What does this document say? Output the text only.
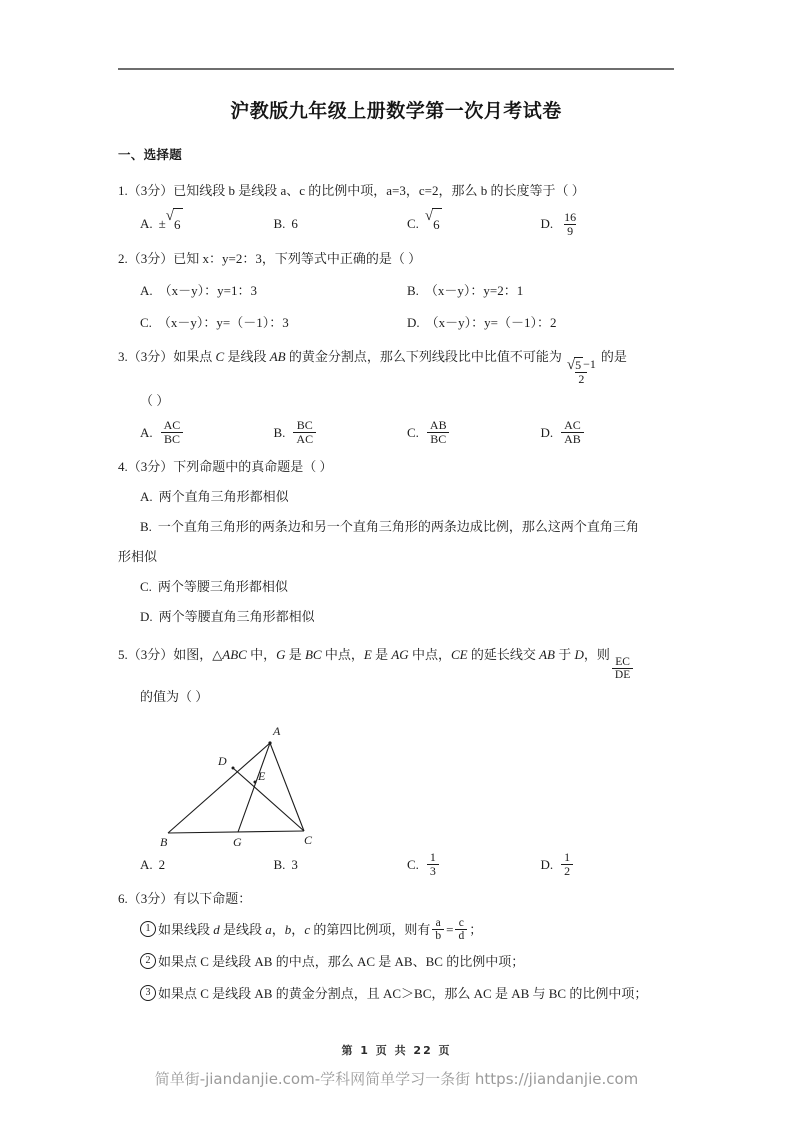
沪教版九年级上册数学第一次月考试卷
一、选择题
1.（3分）已知线段 b 是线段 a、c 的比例中项，a=3，c=2，那么 b 的长度等于（ ）
A. ± √
6	B. 6	C. √
6	D. $\frac{16}{9}$
2.（3分）已知 x：y=2：3，下列等式中正确的是（ ）
A. （x－y）：y=1：3	B. （x－y）：y=2：1
C. （x－y）：y=（－1）：3	D. （x－y）：y=（－1）：2
3.（3分）如果点 C 是线段 AB 的黄金分割点，那么下列线段比中比值不可能为
$\frac{√ 5 -1}{2}$
的是
（ ）
A. $\frac{AC}{BC}$	B. $\frac{BC}{AC}$	C. $\frac{AB}{BC}$	D. $\frac{AC}{AB}$
4.（3分）下列命题中的真命题是（ ）
A. 两个直角三角形都相似
B. 一个直角三角形的两条边和另一个直角三角形的两条边成比例，那么这两个直角三角
形相似
C. 两个等腰三角形都相似
D. 两个等腰直角三角形都相似
5.（3分）如图，△ABC 中，G 是 BC 中点，E 是 AG 中点，CE 的延长线交 AB 于 D，则
$\frac{EC}{DE}$
的值为（ ）
A
D
E
B	G	C
A. 2	B. 3	C. $\frac{1}{3}$	D. $\frac{1}{2}$
6.（3分）有以下命题：
1 如果线段 d 是线段 a，b，c 的第四比例项，则有 $\frac{a}{b} = \frac{c}{d}$ ；
2 如果点 C 是线段 AB 的中点，那么 AC 是 AB、BC 的比例中项；
3 如果点 C 是线段 AB 的黄金分割点，且 AC＞BC，那么 AC 是 AB 与 BC 的比例中项；
第 1 页 共 22 页
简单街-jiandanjie.com-学科网简单学习一条街 https://jiandanjie.com
